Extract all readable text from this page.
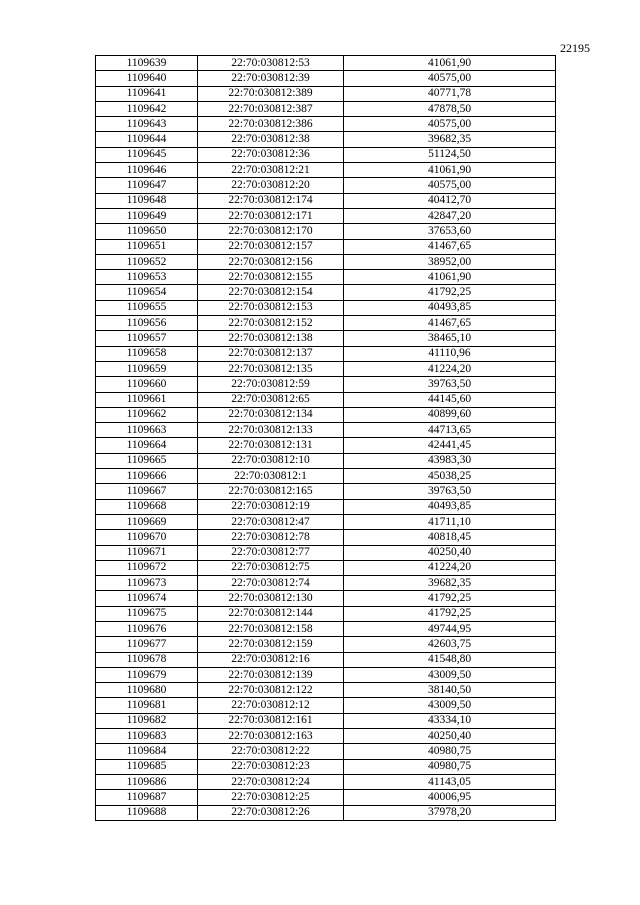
22195
1109639	22:70:030812:53	41061,90
1109640	22:70:030812:39	40575,00
1109641	22:70:030812:389	40771,78
1109642	22:70:030812:387	47878,50
1109643	22:70:030812:386	40575,00
1109644	22:70:030812:38	39682,35
1109645	22:70:030812:36	51124,50
1109646	22:70:030812:21	41061,90
1109647	22:70:030812:20	40575,00
1109648	22:70:030812:174	40412,70
1109649	22:70:030812:171	42847,20
1109650	22:70:030812:170	37653,60
1109651	22:70:030812:157	41467,65
1109652	22:70:030812:156	38952,00
1109653	22:70:030812:155	41061,90
1109654	22:70:030812:154	41792,25
1109655	22:70:030812:153	40493,85
1109656	22:70:030812:152	41467,65
1109657	22:70:030812:138	38465,10
1109658	22:70:030812:137	41110,96
1109659	22:70:030812:135	41224,20
1109660	22:70:030812:59	39763,50
1109661	22:70:030812:65	44145,60
1109662	22:70:030812:134	40899,60
1109663	22:70:030812:133	44713,65
1109664	22:70:030812:131	42441,45
1109665	22:70:030812:10	43983,30
1109666	22:70:030812:1	45038,25
1109667	22:70:030812:165	39763,50
1109668	22:70:030812:19	40493,85
1109669	22:70:030812:47	41711,10
1109670	22:70:030812:78	40818,45
1109671	22:70:030812:77	40250,40
1109672	22:70:030812:75	41224,20
1109673	22:70:030812:74	39682,35
1109674	22:70:030812:130	41792,25
1109675	22:70:030812:144	41792,25
1109676	22:70:030812:158	49744,95
1109677	22:70:030812:159	42603,75
1109678	22:70:030812:16	41548,80
1109679	22:70:030812:139	43009,50
1109680	22:70:030812:122	38140,50
1109681	22:70:030812:12	43009,50
1109682	22:70:030812:161	43334,10
1109683	22:70:030812:163	40250,40
1109684	22:70:030812:22	40980,75
1109685	22:70:030812:23	40980,75
1109686	22:70:030812:24	41143,05
1109687	22:70:030812:25	40006,95
1109688	22:70:030812:26	37978,20
